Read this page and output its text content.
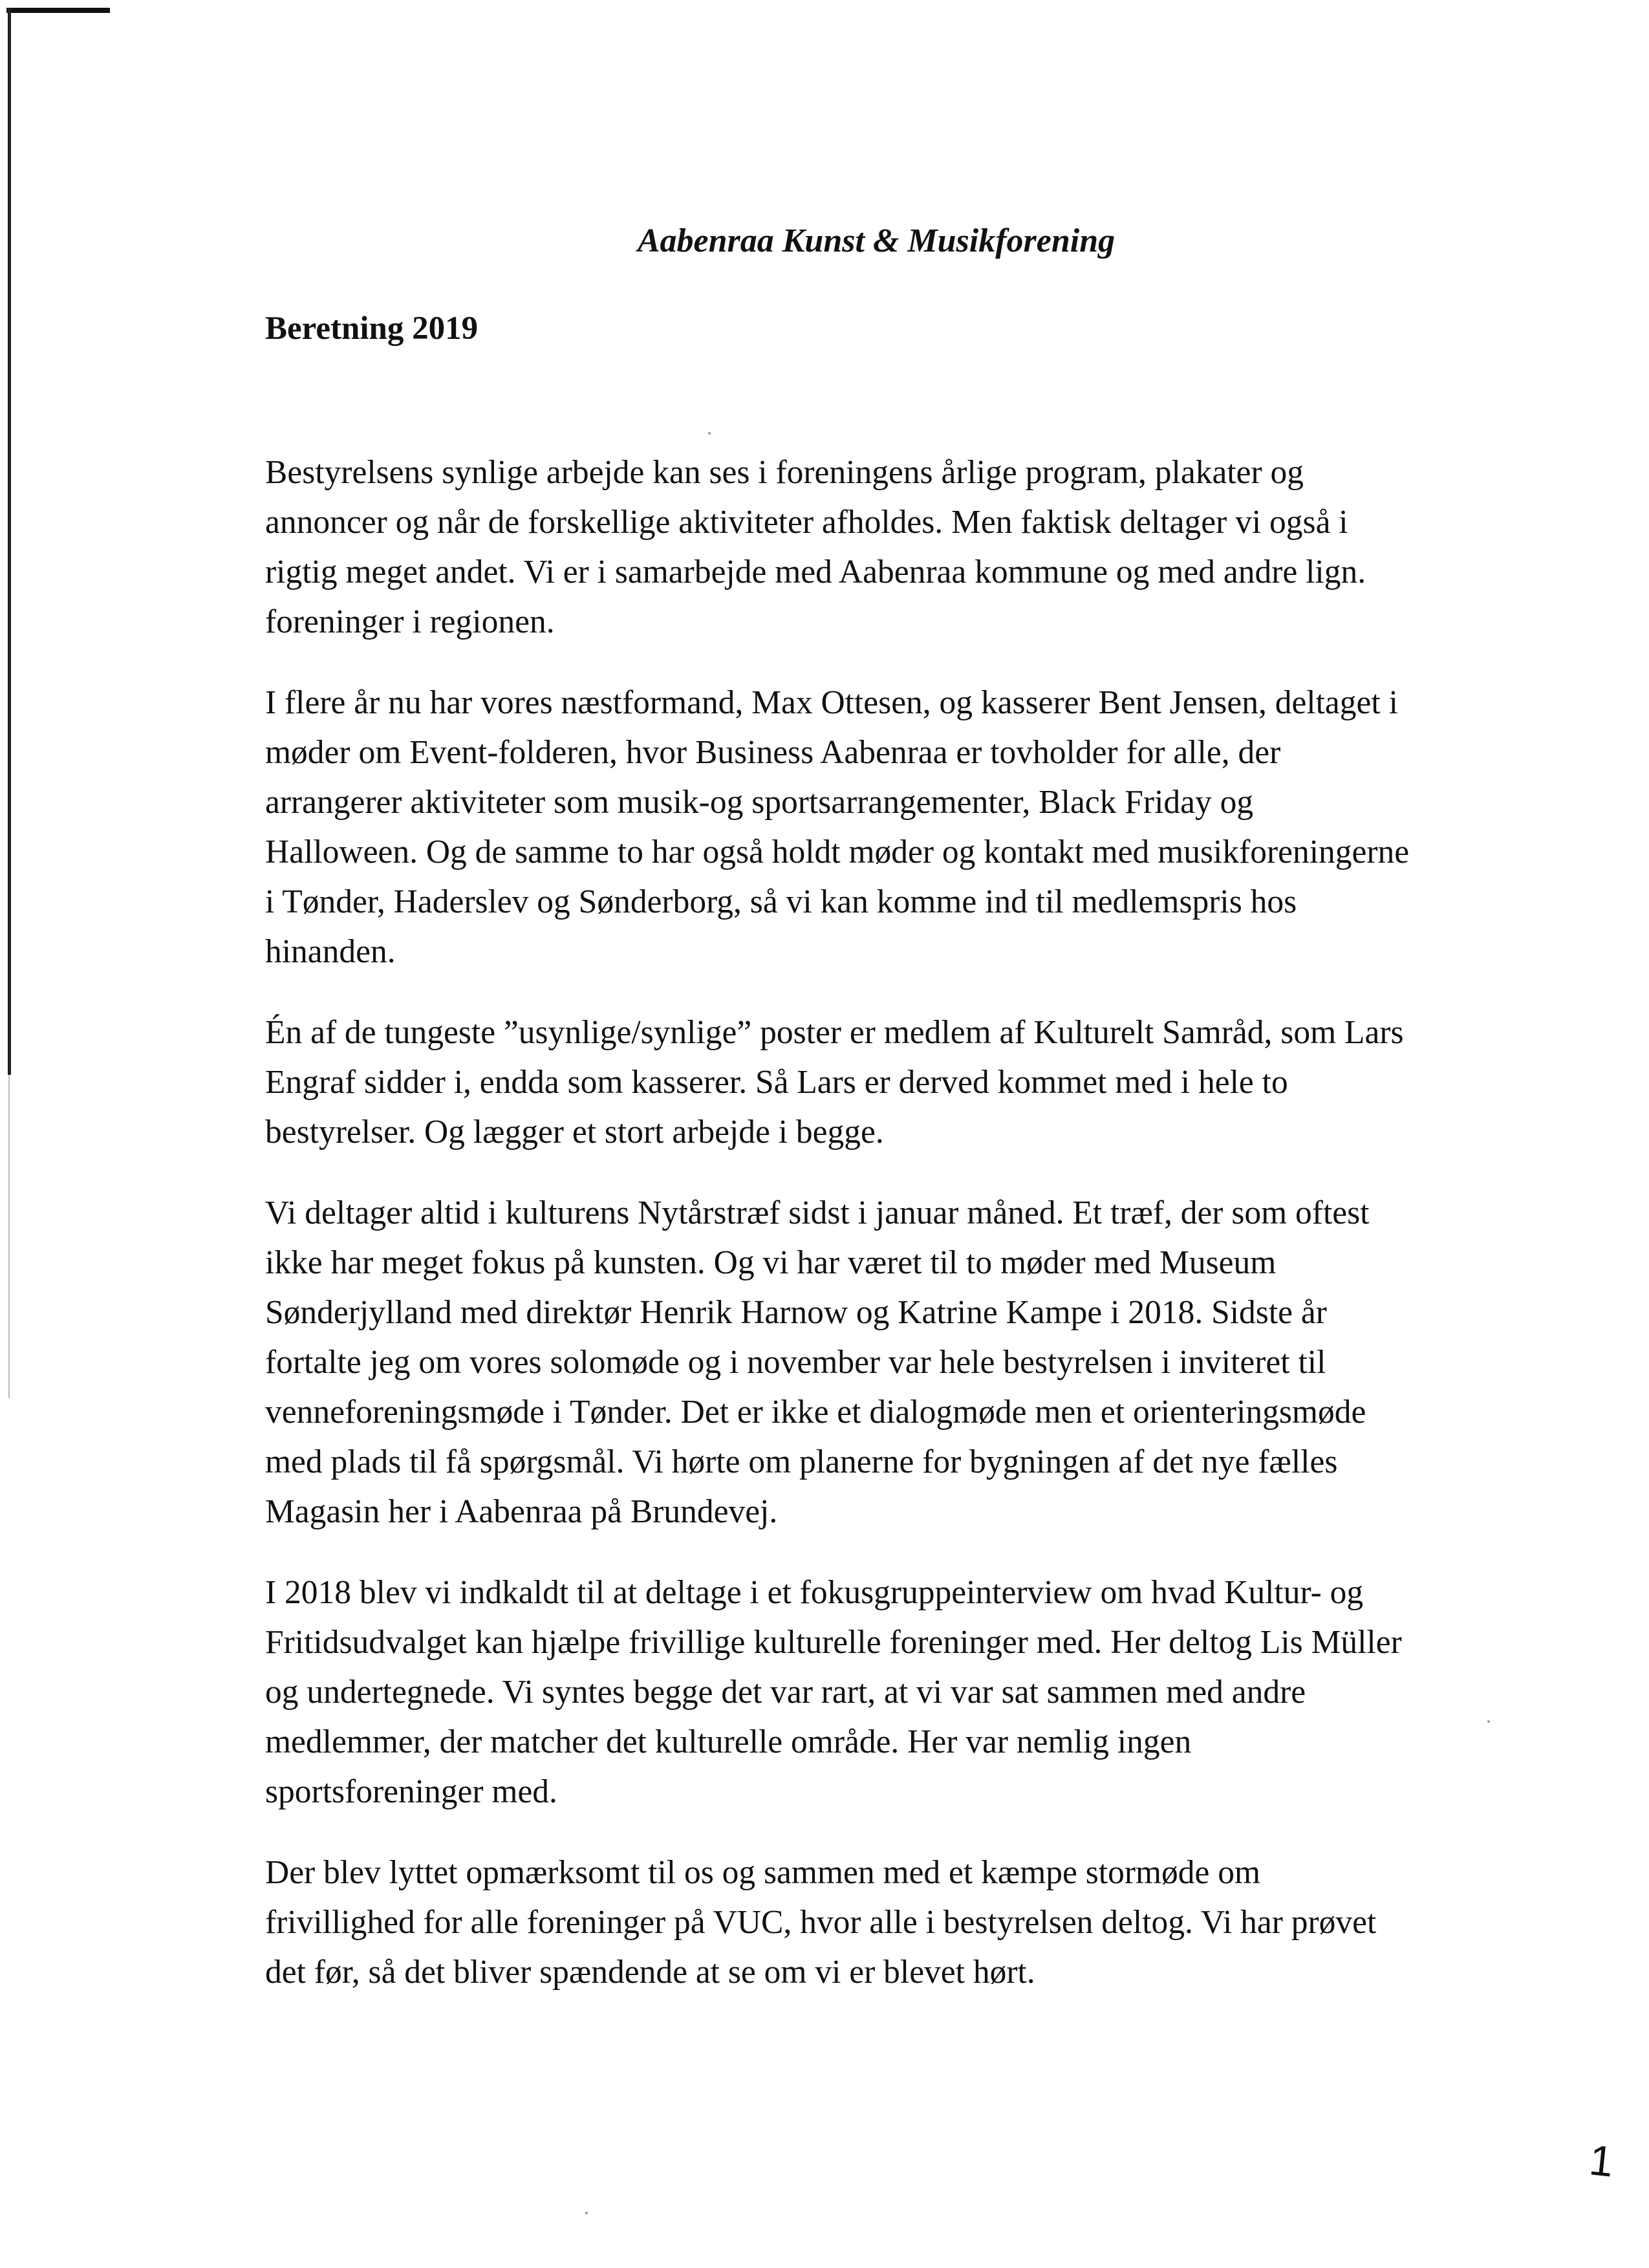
Aabenraa Kunst & Musikforening
Beretning 2019

Bestyrelsens synlige arbejde kan ses i foreningens årlige program, plakater og
annoncer og når de forskellige aktiviteter afholdes. Men faktisk deltager vi også i
rigtig meget andet. Vi er i samarbejde med Aabenraa kommune og med andre lign.
foreninger i regionen.

I flere år nu har vores næstformand, Max Ottesen, og kasserer Bent Jensen, deltaget i
møder om Event-folderen, hvor Business Aabenraa er tovholder for alle, der
arrangerer aktiviteter som musik-og sportsarrangementer, Black Friday og
Halloween. Og de samme to har også holdt møder og kontakt med musikforeningerne
i Tønder, Haderslev og Sønderborg, så vi kan komme ind til medlemspris hos
hinanden.

Én af de tungeste ”usynlige/synlige” poster er medlem af Kulturelt Samråd, som Lars
Engraf sidder i, endda som kasserer. Så Lars er derved kommet med i hele to
bestyrelser. Og lægger et stort arbejde i begge.

Vi deltager altid i kulturens Nytårstræf sidst i januar måned. Et træf, der som oftest
ikke har meget fokus på kunsten. Og vi har været til to møder med Museum
Sønderjylland med direktør Henrik Harnow og Katrine Kampe i 2018. Sidste år
fortalte jeg om vores solomøde og i november var hele bestyrelsen i inviteret til
venneforeningsmøde i Tønder. Det er ikke et dialogmøde men et orienteringsmøde
med plads til få spørgsmål. Vi hørte om planerne for bygningen af det nye fælles
Magasin her i Aabenraa på Brundevej.

I 2018 blev vi indkaldt til at deltage i et fokusgruppeinterview om hvad Kultur- og
Fritidsudvalget kan hjælpe frivillige kulturelle foreninger med. Her deltog Lis Müller
og undertegnede. Vi syntes begge det var rart, at vi var sat sammen med andre
medlemmer, der matcher det kulturelle område. Her var nemlig ingen
sportsforeninger med.

Der blev lyttet opmærksomt til os og sammen med et kæmpe stormøde om
frivillighed for alle foreninger på VUC, hvor alle i bestyrelsen deltog. Vi har prøvet
det før, så det bliver spændende at se om vi er blevet hørt.

1
